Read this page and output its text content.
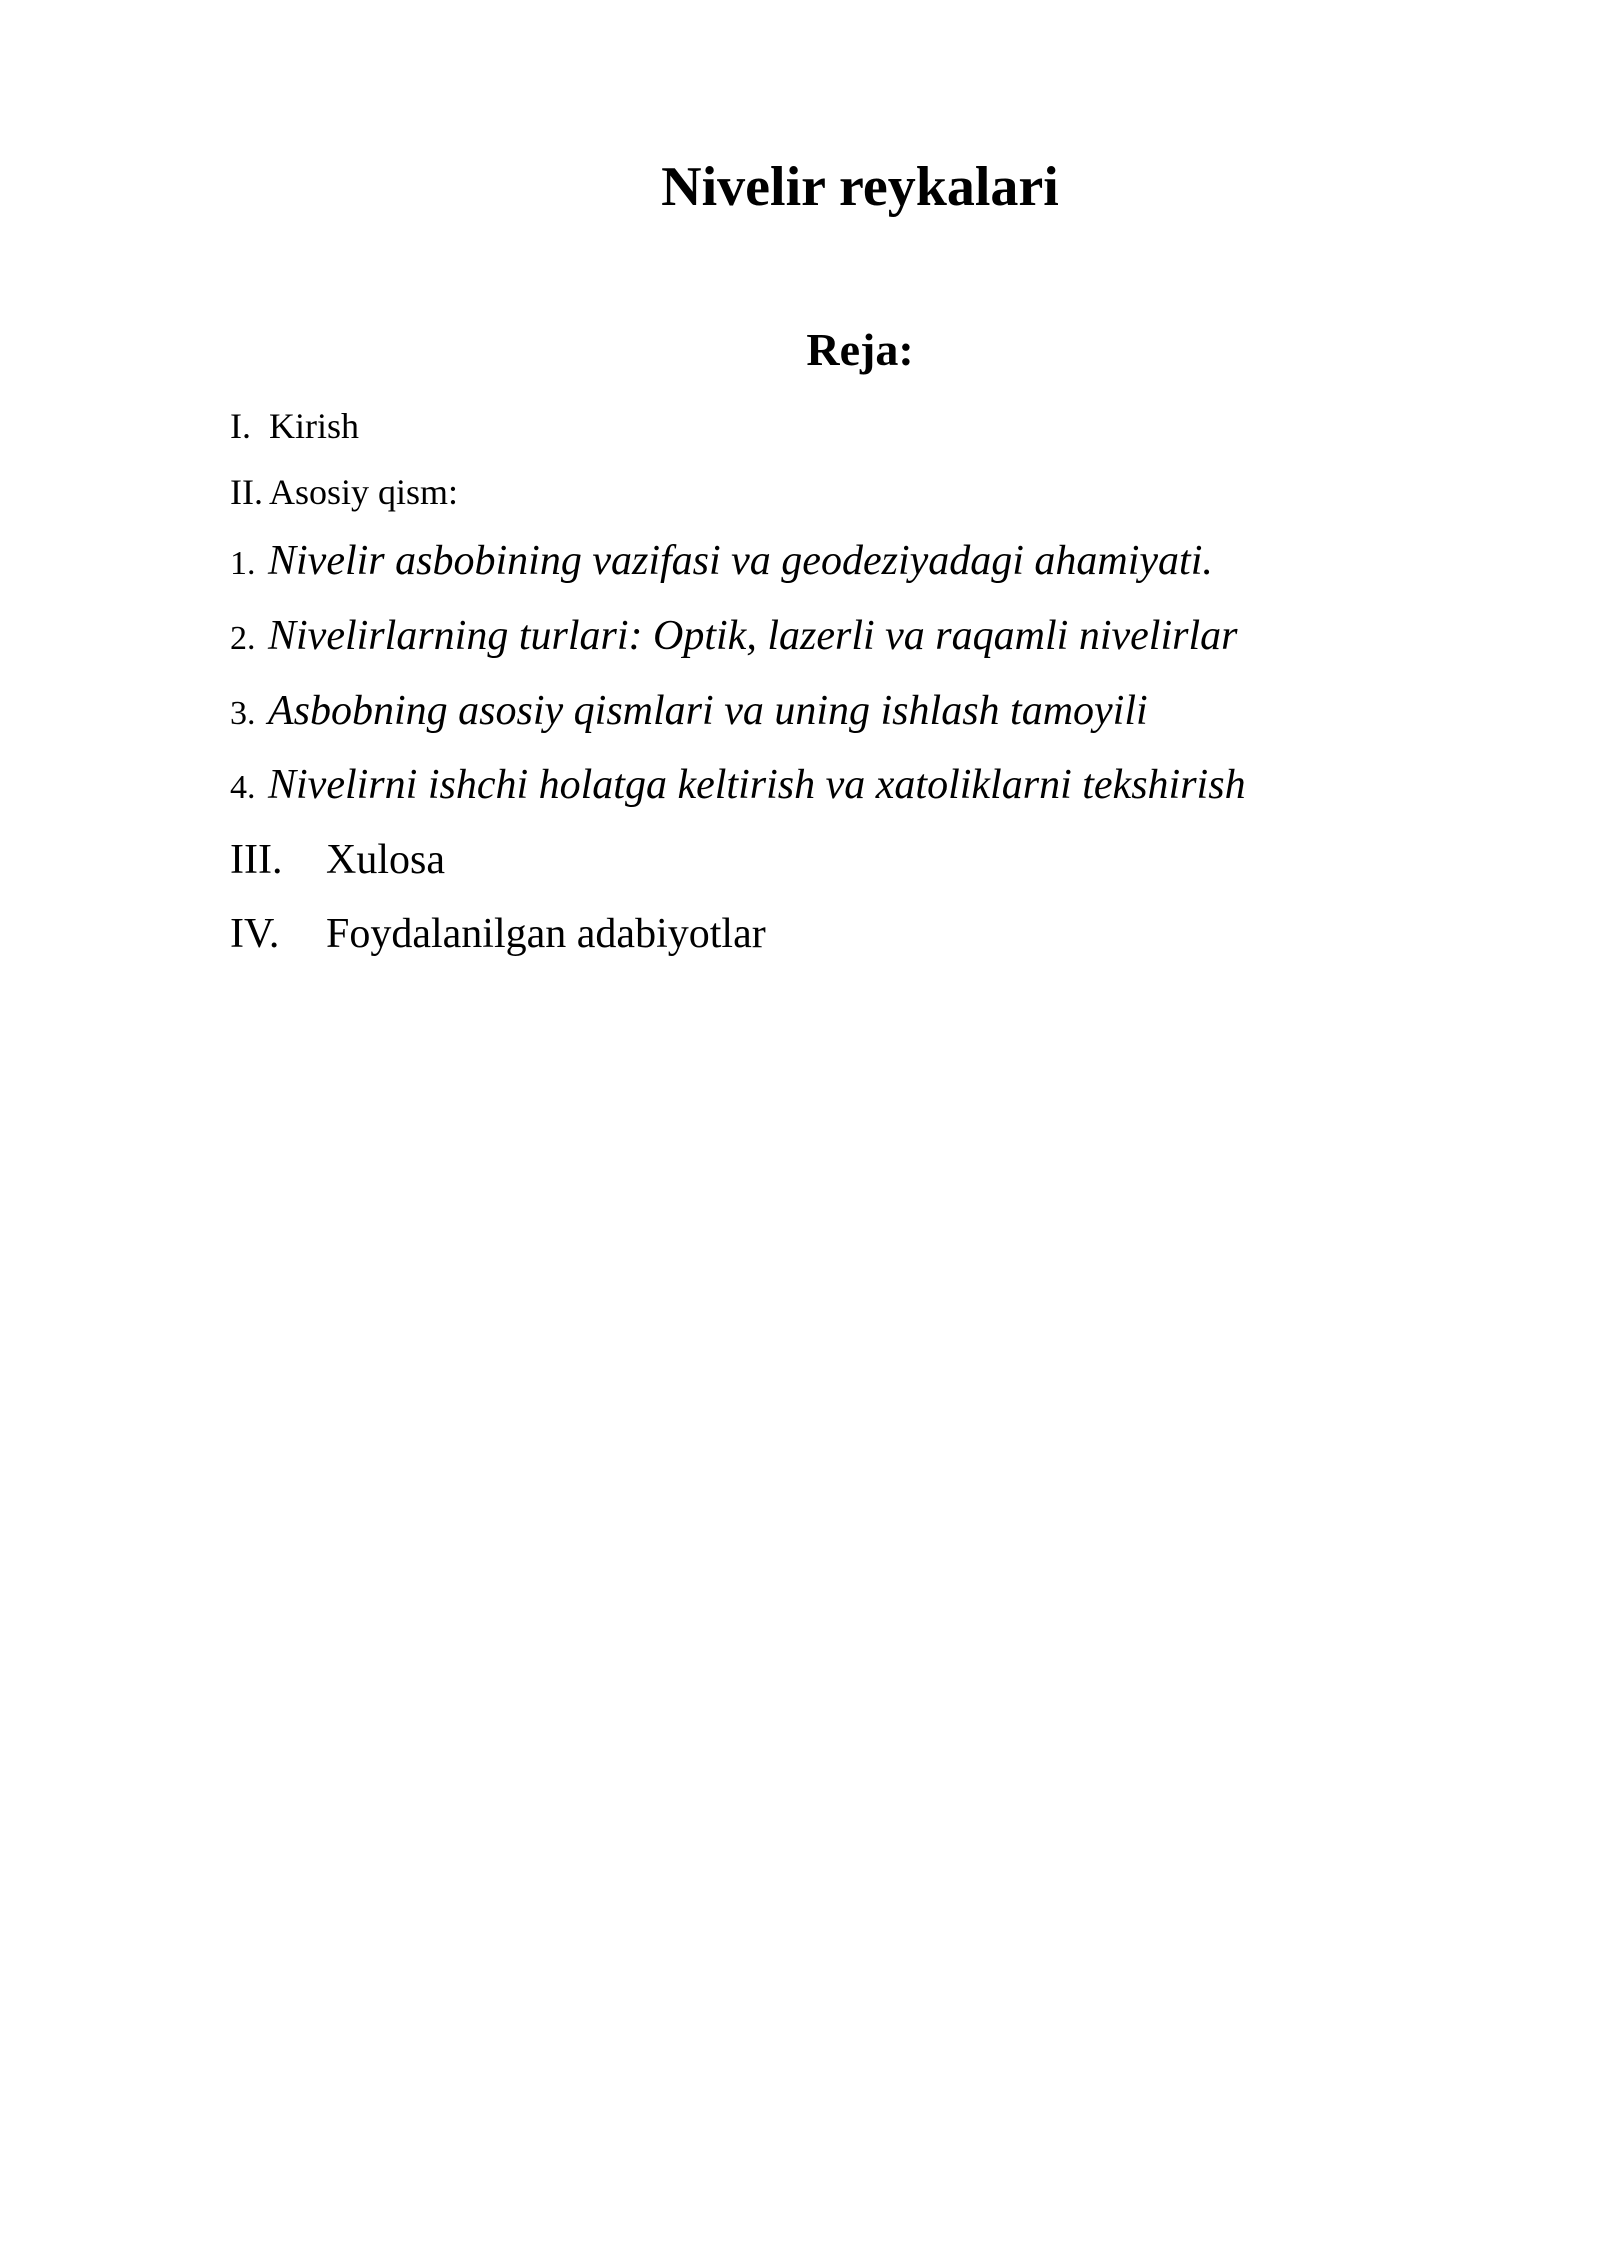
Nivelir reykalari
Reja:
I. Kirish
II. Asosiy qism:
1. Nivelir asbobining vazifasi va geodeziyadagi ahamiyati.
2. Nivelirlarning turlari: Optik, lazerli va raqamli nivelirlar
3. Asbobning asosiy qismlari va uning ishlash tamoyili
4. Nivelirni ishchi holatga keltirish va xatoliklarni tekshirish
III. Xulosa
IV. Foydalanilgan adabiyotlar
